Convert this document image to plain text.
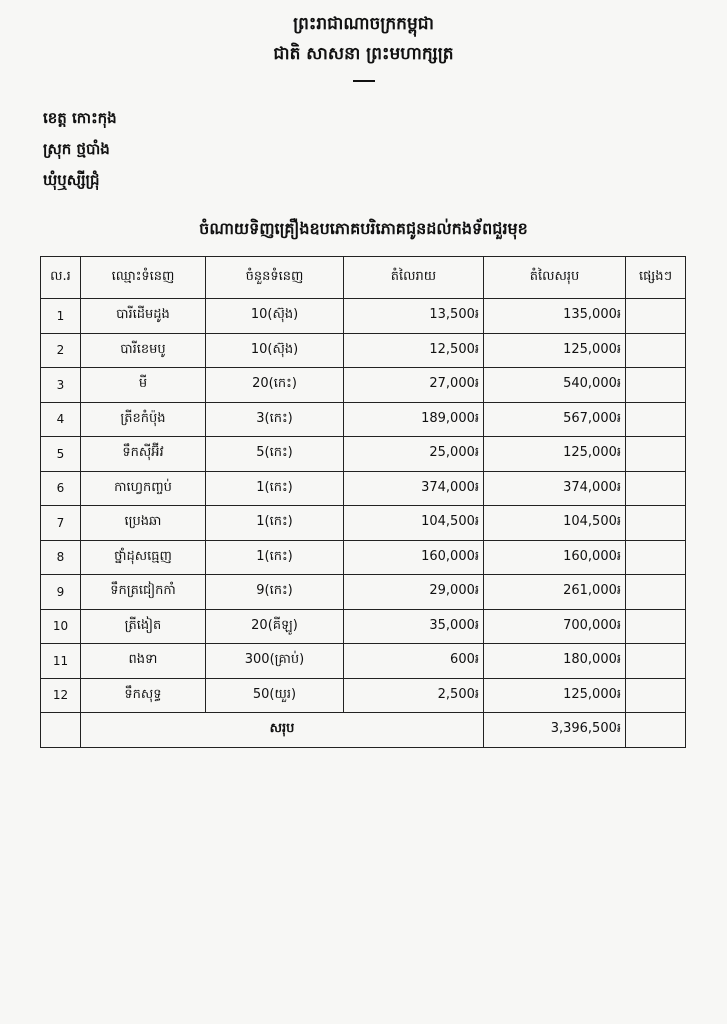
ព្រះរាជាណាចក្រកម្ពុជា
ជាតិ សាសនា ព្រះមហាក្សត្រ
ខេត្ត កោះកុង
ស្រុក ថ្មបាំង
ឃុំឬស្សីជ្រុំ
ចំណាយទិញគ្រឿងឧបភោគបរិភោគជូនដល់កងទ័ពជួរមុខ
ល.រ	ឈ្មោះទំនេញ	ចំនួនទំនេញ	តំលៃរាយ	តំលៃសរុប	ផ្សេងៗ
1	បារីដើមដូង	10(ស៊ុង)	13,500៛	135,000៛	
2	បារីខេមបូ	10(ស៊ុង)	12,500៛	125,000៛	
3	មី	20(កេះ)	27,000៛	540,000៛	
4	ត្រីខកំប៉ុង	3(កេះ)	189,000៛	567,000៛	
5	ទឹកស៊ីអ៊ីវ	5(កេះ)	25,000៛	125,000៛	
6	កាហ្វេកញ្ចប់	1(កេះ)	374,000៛	374,000៛	
7	ប្រេងឆា	1(កេះ)	104,500៛	104,500៛	
8	ថ្នាំដុសធ្មេញ	1(កេះ)	160,000៛	160,000៛	
9	ទឹកត្រជៀកកាំ	9(កេះ)	29,000៛	261,000៛	
10	ត្រីងៀត	20(គីឡូ)	35,000៛	700,000៛	
11	ពងទា	300(គ្រាប់)	600៛	180,000៛	
12	ទឹកសុទ្ធ	50(យួរ)	2,500៛	125,000៛	
	សរុប			3,396,500៛	
